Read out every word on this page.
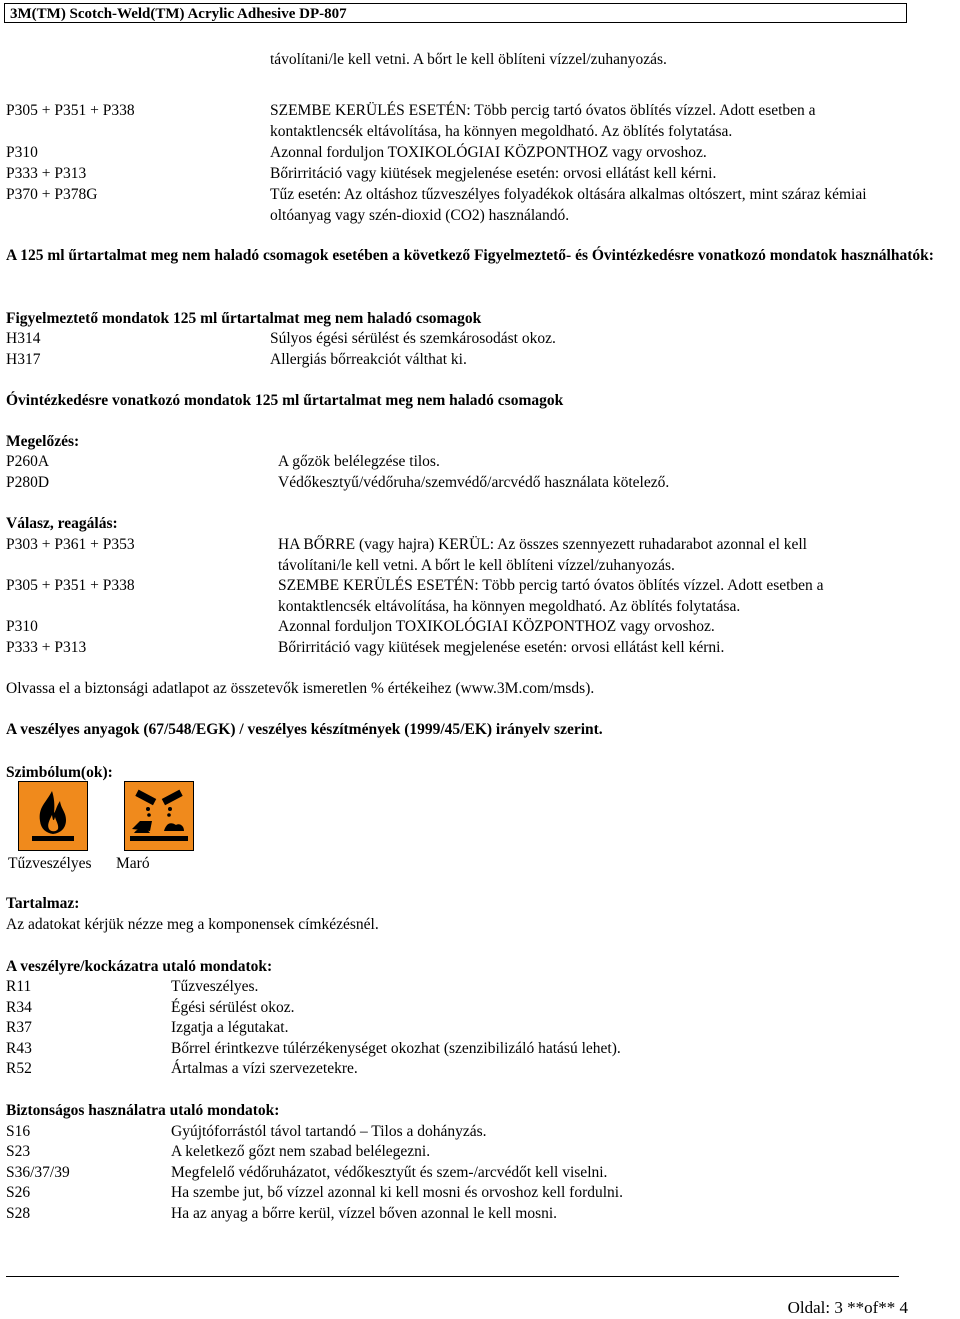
3M(TM) Scotch-Weld(TM) Acrylic Adhesive DP-807
távolítani/le kell vetni. A bőrt le kell öblíteni vízzel/zuhanyozás.
P305 + P351 + P338	SZEMBE KERÜLÉS ESETÉN: Több percig tartó óvatos öblítés vízzel. Adott esetben a
kontaktlencsék eltávolítása, ha könnyen megoldható. Az öblítés folytatása.
P310	Azonnal forduljon TOXIKOLÓGIAI KÖZPONTHOZ vagy orvoshoz.
P333 + P313	Bőrirritáció vagy kiütések megjelenése esetén: orvosi ellátást kell kérni.
P370 + P378G	Tűz esetén: Az oltáshoz tűzveszélyes folyadékok oltására alkalmas oltószert, mint száraz kémiai
oltóanyag vagy szén-dioxid (CO2) használandó.
A 125 ml űrtartalmat meg nem haladó csomagok esetében a következő Figyelmeztető- és Óvintézkedésre vonatkozó mondatok használhatók:
Figyelmeztető mondatok 125 ml űrtartalmat meg nem haladó csomagok
H314	Súlyos égési sérülést és szemkárosodást okoz.
H317	Allergiás bőrreakciót válthat ki.
Óvintézkedésre vonatkozó mondatok 125 ml űrtartalmat meg nem haladó csomagok
Megelőzés:
P260A	A gőzök belélegzése tilos.
P280D	Védőkesztyű/védőruha/szemvédő/arcvédő használata kötelező.
Válasz, reagálás:
P303 + P361 + P353	HA BŐRRE (vagy hajra) KERÜL: Az összes szennyezett ruhadarabot azonnal el kell
távolítani/le kell vetni. A bőrt le kell öblíteni vízzel/zuhanyozás.
P305 + P351 + P338	SZEMBE KERÜLÉS ESETÉN: Több percig tartó óvatos öblítés vízzel. Adott esetben a
kontaktlencsék eltávolítása, ha könnyen megoldható. Az öblítés folytatása.
P310	Azonnal forduljon TOXIKOLÓGIAI KÖZPONTHOZ vagy orvoshoz.
P333 + P313	Bőrirritáció vagy kiütések megjelenése esetén: orvosi ellátást kell kérni.
Olvassa el a biztonsági adatlapot az összetevők ismeretlen % értékeihez (www.3M.com/msds).
A veszélyes anyagok (67/548/EGK) / veszélyes készítmények (1999/45/EK) irányelv szerint.
Szimbólum(ok):
Tűzveszélyes Maró
Tartalmaz:
Az adatokat kérjük nézze meg a komponensek címkézésnél.
A veszélyre/kockázatra utaló mondatok:
R11	Tűzveszélyes.
R34	Égési sérülést okoz.
R37	Izgatja a légutakat.
R43	Bőrrel érintkezve túlérzékenységet okozhat (szenzibilizáló hatású lehet).
R52	Ártalmas a vízi szervezetekre.
Biztonságos használatra utaló mondatok:
S16	Gyújtóforrástól távol tartandó – Tilos a dohányzás.
S23	A keletkező gőzt nem szabad belélegezni.
S36/37/39	Megfelelő védőruházatot, védőkesztyűt és szem-/arcvédőt kell viselni.
S26	Ha szembe jut, bő vízzel azonnal ki kell mosni és orvoshoz kell fordulni.
S28	Ha az anyag a bőrre kerül, vízzel bőven azonnal le kell mosni.
Oldal: 3 **of** 4
